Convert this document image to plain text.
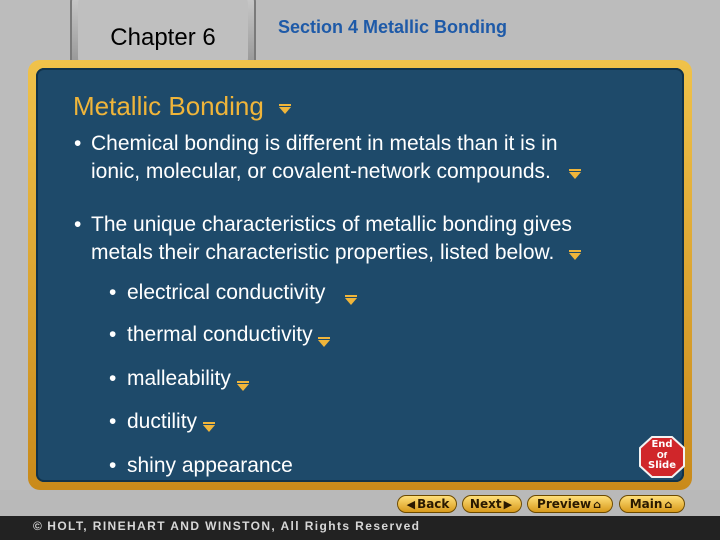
Chapter 6	Section 4 Metallic Bonding
Metallic Bonding
• Chemical bonding is different in metals than it is in
ionic, molecular, or covalent-network compounds.
• The unique characteristics of metallic bonding gives
metals their characteristic properties, listed below.
• electrical conductivity
• thermal conductivity
• malleability
• ductility
• shiny appearance
End
Of
Slide
◀ Back	Next ▶	Preview ⌂	Main ⌂
© HOLT, RINEHART AND WINSTON, All Rights Reserved
